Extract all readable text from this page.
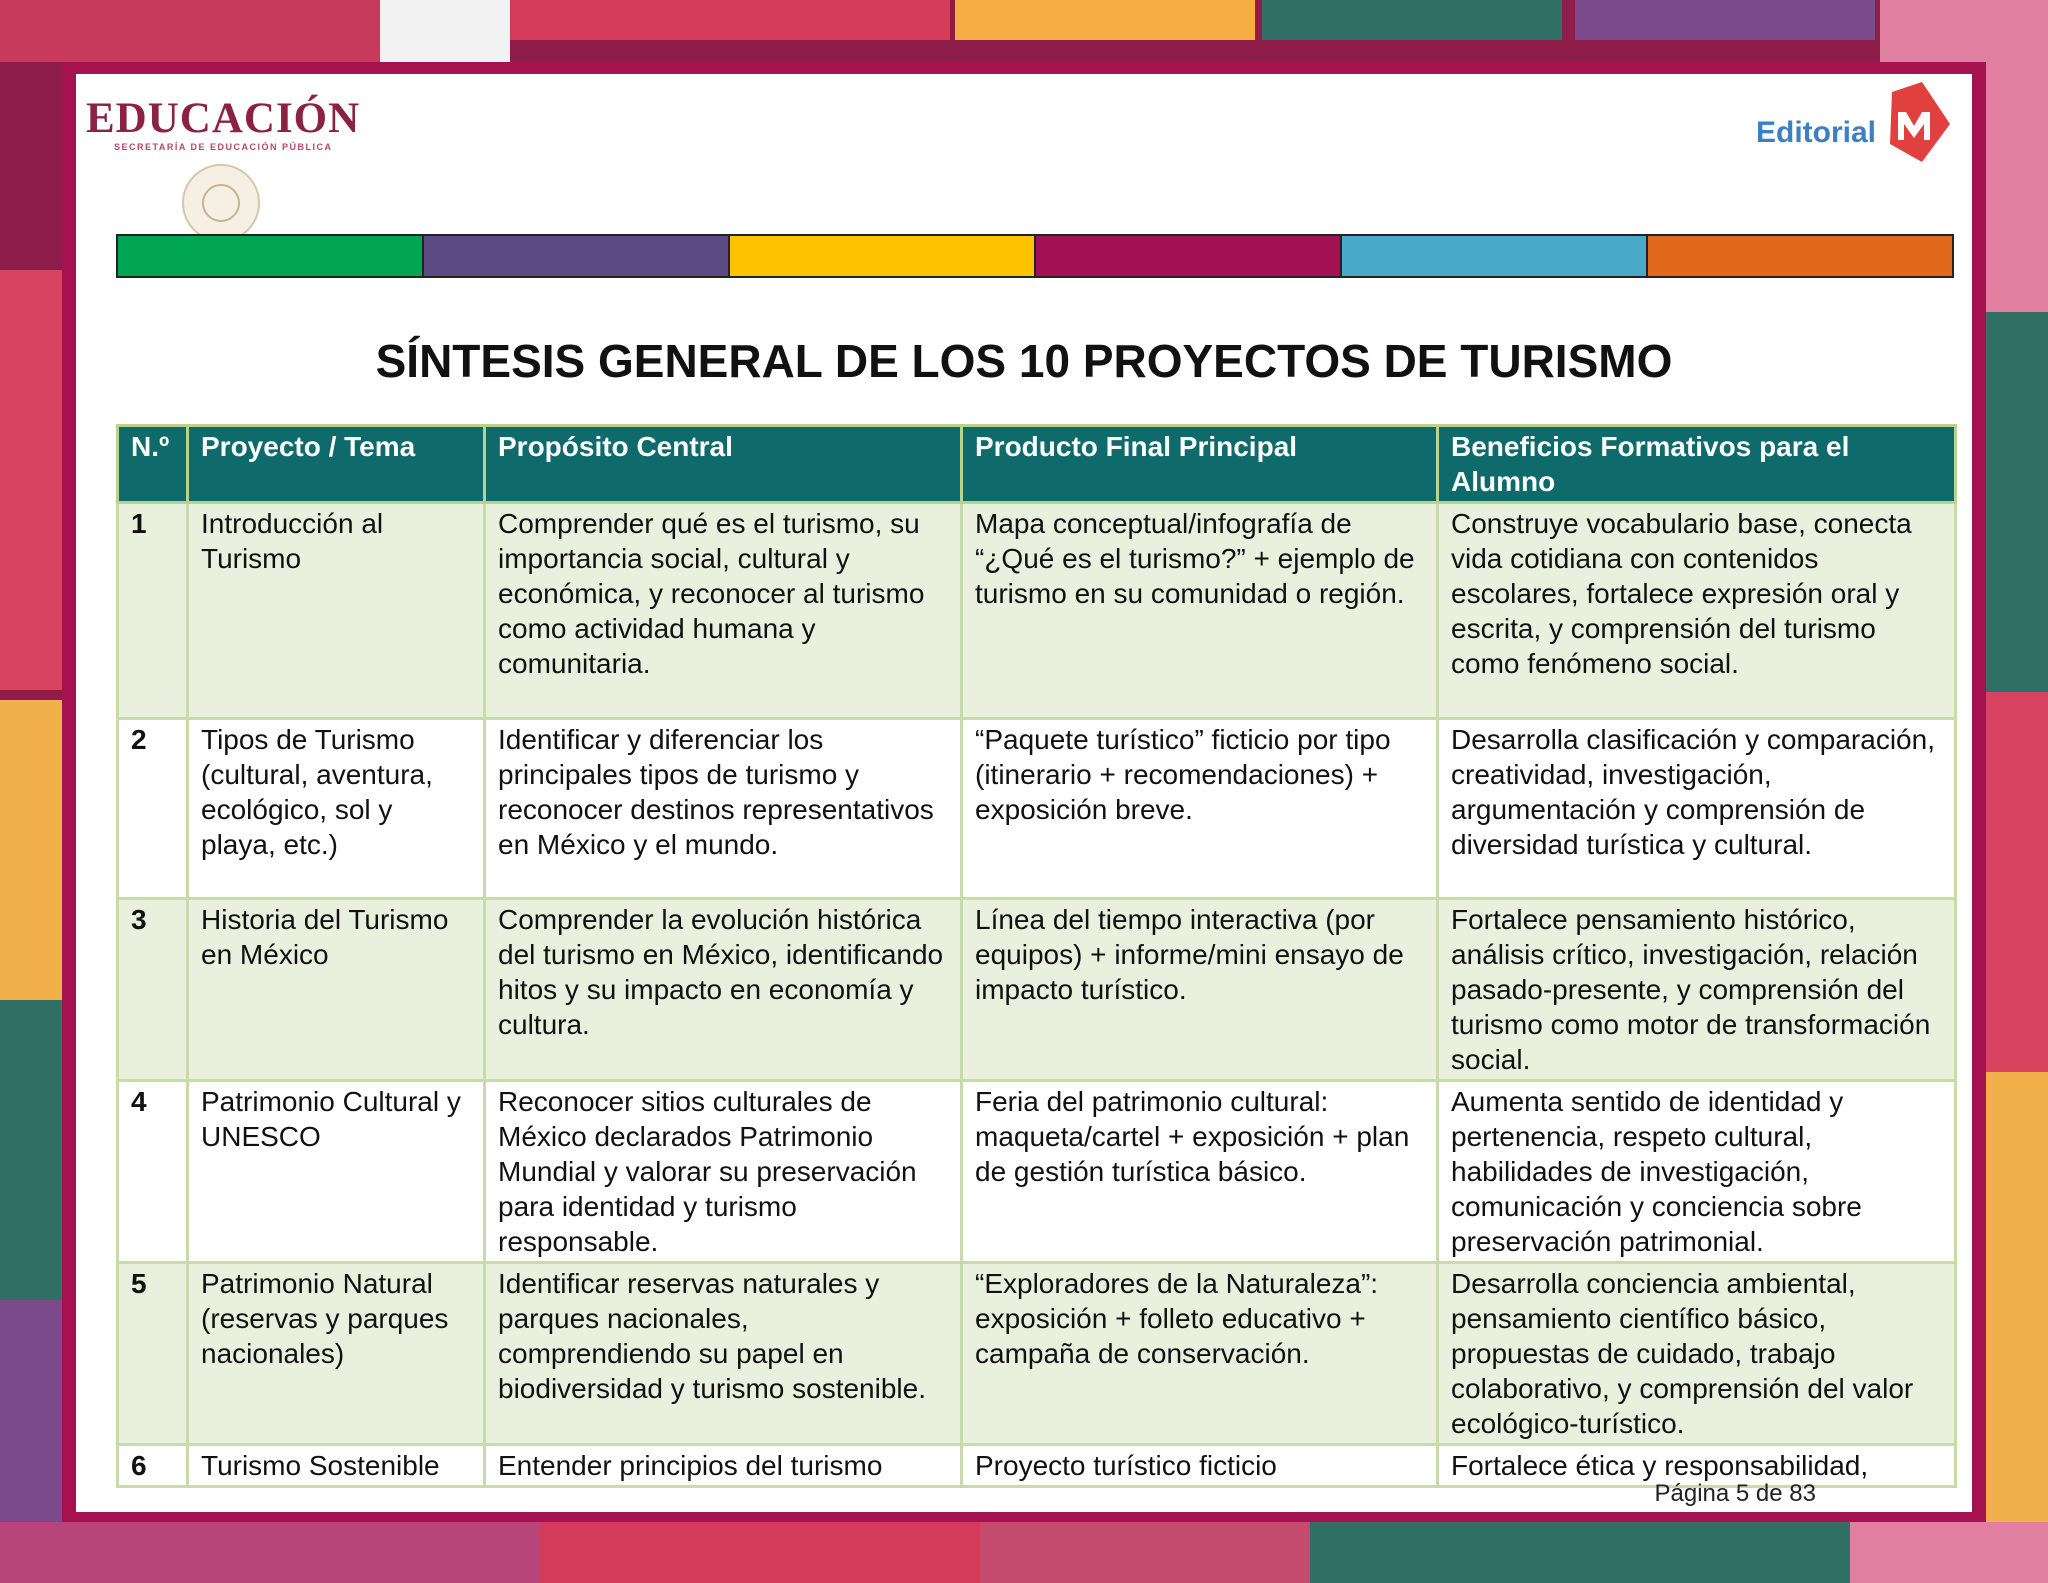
EDUCACIÓN
SECRETARÍA DE EDUCACIÓN PÚBLICA	Editorial
SÍNTESIS GENERAL DE LOS 10 PROYECTOS DE TURISMO
N.º	Proyecto / Tema	Propósito Central	Producto Final Principal	Beneficios Formativos para el Alumno
1	Introducción al Turismo	Comprender qué es el turismo, su importancia social, cultural y económica, y reconocer al turismo como actividad humana y comunitaria.	Mapa conceptual/infografía de “¿Qué es el turismo?” + ejemplo de turismo en su comunidad o región.	Construye vocabulario base, conecta vida cotidiana con contenidos escolares, fortalece expresión oral y escrita, y comprensión del turismo como fenómeno social.
2	Tipos de Turismo (cultural, aventura, ecológico, sol y playa, etc.)	Identificar y diferenciar los principales tipos de turismo y reconocer destinos representativos en México y el mundo.	“Paquete turístico” ficticio por tipo (itinerario + recomendaciones) + exposición breve.	Desarrolla clasificación y comparación, creatividad, investigación, argumentación y comprensión de diversidad turística y cultural.
3	Historia del Turismo en México	Comprender la evolución histórica del turismo en México, identificando hitos y su impacto en economía y cultura.	Línea del tiempo interactiva (por equipos) + informe/mini ensayo de impacto turístico.	Fortalece pensamiento histórico, análisis crítico, investigación, relación pasado-presente, y comprensión del turismo como motor de transformación social.
4	Patrimonio Cultural y UNESCO	Reconocer sitios culturales de México declarados Patrimonio Mundial y valorar su preservación para identidad y turismo responsable.	Feria del patrimonio cultural: maqueta/cartel + exposición + plan de gestión turística básico.	Aumenta sentido de identidad y pertenencia, respeto cultural, habilidades de investigación, comunicación y conciencia sobre preservación patrimonial.
5	Patrimonio Natural (reservas y parques nacionales)	Identificar reservas naturales y parques nacionales, comprendiendo su papel en biodiversidad y turismo sostenible.	“Exploradores de la Naturaleza”: exposición + folleto educativo + campaña de conservación.	Desarrolla conciencia ambiental, pensamiento científico básico, propuestas de cuidado, trabajo colaborativo, y comprensión del valor ecológico-turístico.
6	Turismo Sostenible	Entender principios del turismo	Proyecto turístico ficticio	Fortalece ética y responsabilidad,
Página 5 de 83
